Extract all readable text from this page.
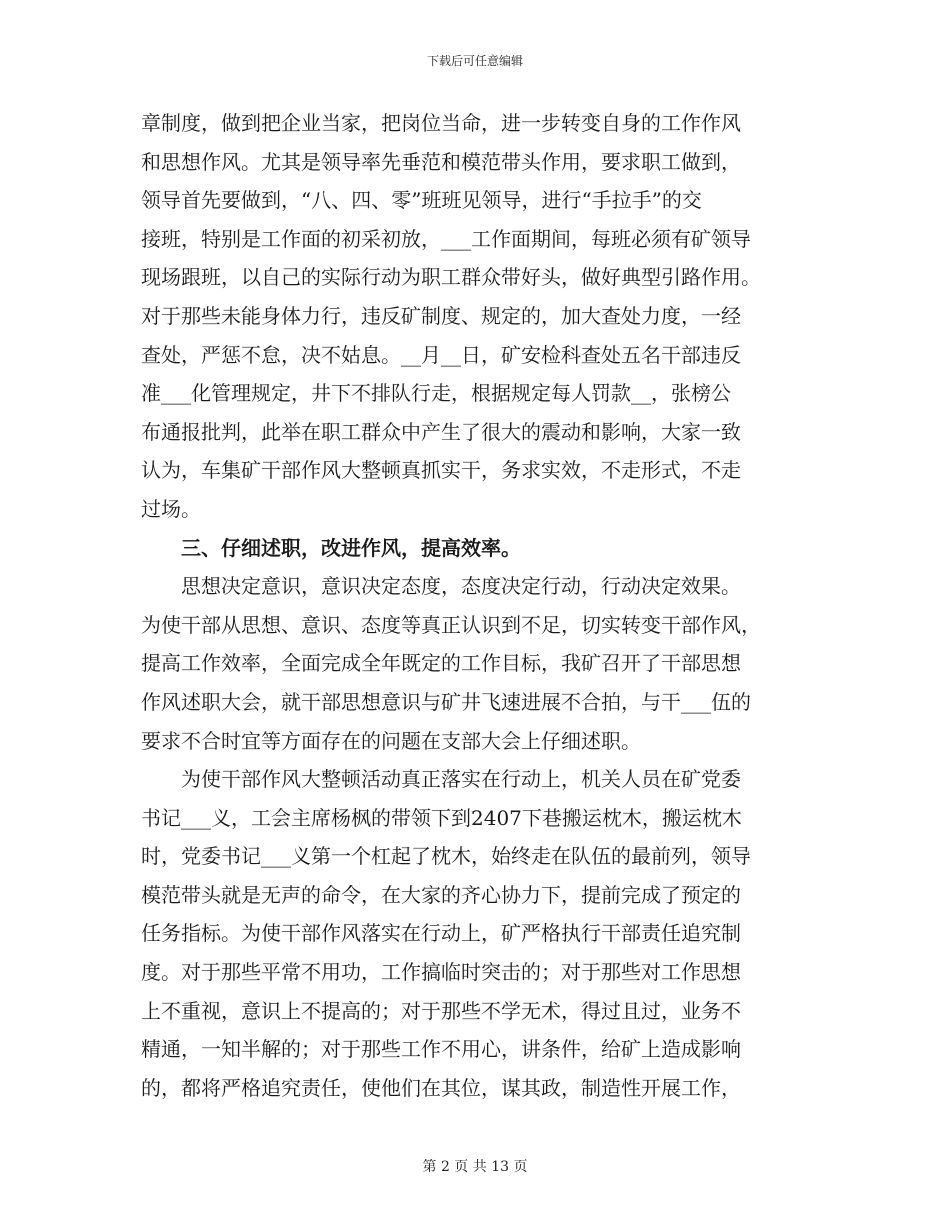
下载后可任意编辑
章制度，做到把企业当家，把岗位当命，进一步转变自身的工作作风
和思想作风。尤其是领导率先垂范和模范带头作用，要求职工做到，
领导首先要做到，“八、四、零”班班见领导，进行“手拉手”的交
接班，特别是工作面的初采初放，___工作面期间，每班必须有矿领导
现场跟班，以自己的实际行动为职工群众带好头，做好典型引路作用。
对于那些未能身体力行，违反矿制度、规定的，加大查处力度，一经
查处，严惩不怠，决不姑息。__月__日，矿安检科查处五名干部违反
准___化管理规定，井下不排队行走，根据规定每人罚款__，张榜公
布通报批判，此举在职工群众中产生了很大的震动和影响，大家一致
认为，车集矿干部作风大整顿真抓实干，务求实效，不走形式，不走
过场。
三、仔细述职，改进作风，提高效率。
思想决定意识，意识决定态度，态度决定行动，行动决定效果。
为使干部从思想、意识、态度等真正认识到不足，切实转变干部作风，
提高工作效率，全面完成全年既定的工作目标，我矿召开了干部思想
作风述职大会，就干部思想意识与矿井飞速进展不合拍，与干___伍的
要求不合时宜等方面存在的问题在支部大会上仔细述职。
为使干部作风大整顿活动真正落实在行动上，机关人员在矿党委
书记___义，工会主席杨枫的带领下到2407下巷搬运枕木，搬运枕木
时，党委书记___义第一个杠起了枕木，始终走在队伍的最前列，领导
模范带头就是无声的命令，在大家的齐心协力下，提前完成了预定的
任务指标。为使干部作风落实在行动上，矿严格执行干部责任追究制
度。对于那些平常不用功，工作搞临时突击的；对于那些对工作思想
上不重视，意识上不提高的；对于那些不学无术，得过且过，业务不
精通，一知半解的；对于那些工作不用心，讲条件，给矿上造成影响
的，都将严格追究责任，使他们在其位，谋其政，制造性开展工作，
第 2 页 共 13 页
